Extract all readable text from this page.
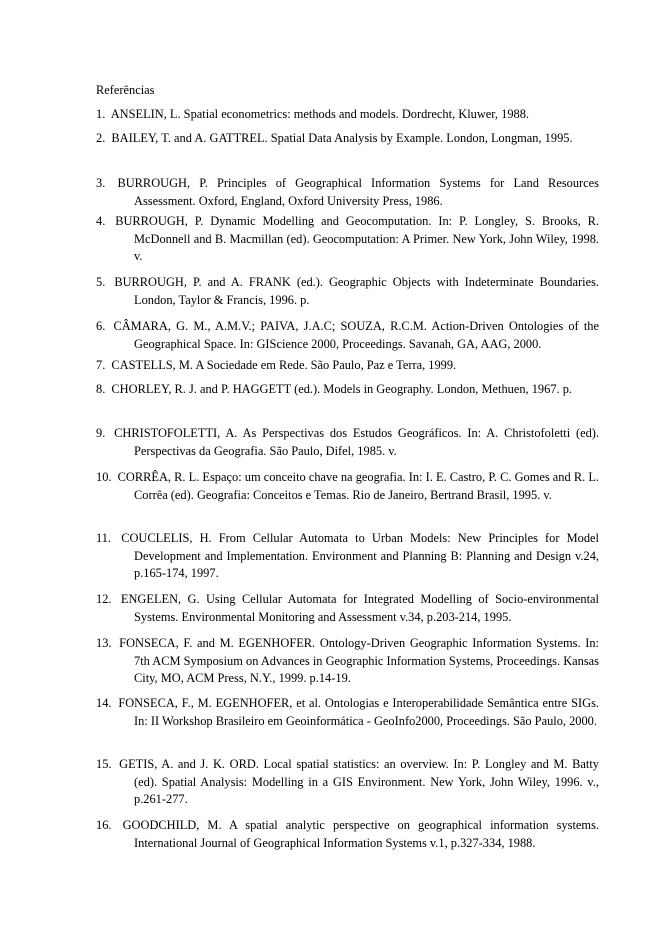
Referências
1. ANSELIN, L. Spatial econometrics: methods and models. Dordrecht, Kluwer, 1988.
2. BAILEY, T. and A. GATTREL. Spatial Data Analysis by Example. London, Longman, 1995.
3. BURROUGH, P. Principles of Geographical Information Systems for Land Resources Assessment. Oxford, England, Oxford University Press, 1986.
4. BURROUGH, P. Dynamic Modelling and Geocomputation. In: P. Longley, S. Brooks, R. McDonnell and B. Macmillan (ed). Geocomputation: A Primer. New York, John Wiley, 1998. v.
5. BURROUGH, P. and A. FRANK (ed.). Geographic Objects with Indeterminate Boundaries. London, Taylor & Francis, 1996. p.
6. CÂMARA, G. M., A.M.V.; PAIVA, J.A.C; SOUZA, R.C.M. Action-Driven Ontologies of the Geographical Space. In: GIScience 2000, Proceedings. Savanah, GA, AAG, 2000.
7. CASTELLS, M. A Sociedade em Rede. São Paulo, Paz e Terra, 1999.
8. CHORLEY, R. J. and P. HAGGETT (ed.). Models in Geography. London, Methuen, 1967. p.
9. CHRISTOFOLETTI, A. As Perspectivas dos Estudos Geográficos. In: A. Christofoletti (ed). Perspectivas da Geografia. São Paulo, Difel, 1985. v.
10. CORRÊA, R. L. Espaço: um conceito chave na geografia. In: I. E. Castro, P. C. Gomes and R. L. Corrêa (ed). Geografia: Conceitos e Temas. Rio de Janeiro, Bertrand Brasil, 1995. v.
11. COUCLELIS, H. From Cellular Automata to Urban Models: New Principles for Model Development and Implementation. Environment and Planning B: Planning and Design v.24, p.165-174, 1997.
12. ENGELEN, G. Using Cellular Automata for Integrated Modelling of Socio-environmental Systems. Environmental Monitoring and Assessment v.34, p.203-214, 1995.
13. FONSECA, F. and M. EGENHOFER. Ontology-Driven Geographic Information Systems. In: 7th ACM Symposium on Advances in Geographic Information Systems, Proceedings. Kansas City, MO, ACM Press, N.Y., 1999. p.14-19.
14. FONSECA, F., M. EGENHOFER, et al. Ontologias e Interoperabilidade Semântica entre SIGs. In: II Workshop Brasileiro em Geoinformática - GeoInfo2000, Proceedings. São Paulo, 2000.
15. GETIS, A. and J. K. ORD. Local spatial statistics: an overview. In: P. Longley and M. Batty (ed). Spatial Analysis: Modelling in a GIS Environment. New York, John Wiley, 1996. v., p.261-277.
16. GOODCHILD, M. A spatial analytic perspective on geographical information systems. International Journal of Geographical Information Systems v.1, p.327-334, 1988.
